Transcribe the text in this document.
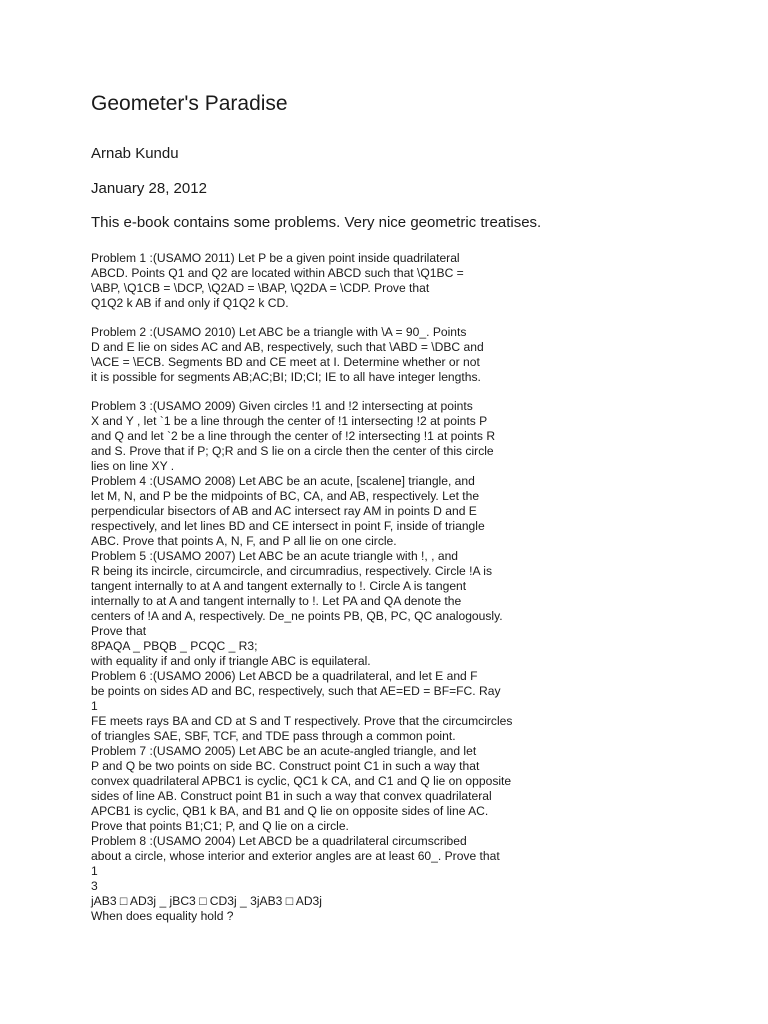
Geometer's Paradise
Arnab Kundu
January 28, 2012
This e-book contains some problems. Very nice geometric treatises.
Problem 1 :(USAMO 2011) Let P be a given point inside quadrilateral
ABCD. Points Q1 and Q2 are located within ABCD such that \Q1BC =
\ABP, \Q1CB = \DCP, \Q2AD = \BAP, \Q2DA = \CDP. Prove that
Q1Q2 k AB if and only if Q1Q2 k CD.
Problem 2 :(USAMO 2010) Let ABC be a triangle with \A = 90_. Points
D and E lie on sides AC and AB, respectively, such that \ABD = \DBC and
\ACE = \ECB. Segments BD and CE meet at I. Determine whether or not
it is possible for segments AB;AC;BI; ID;CI; IE to all have integer lengths.
Problem 3 :(USAMO 2009) Given circles !1 and !2 intersecting at points
X and Y , let `1 be a line through the center of !1 intersecting !2 at points P
and Q and let `2 be a line through the center of !2 intersecting !1 at points R
and S. Prove that if P; Q;R and S lie on a circle then the center of this circle
lies on line XY .
Problem 4 :(USAMO 2008) Let ABC be an acute, [scalene] triangle, and
let M, N, and P be the midpoints of BC, CA, and AB, respectively. Let the
perpendicular bisectors of AB and AC intersect ray AM in points D and E
respectively, and let lines BD and CE intersect in point F, inside of triangle
ABC. Prove that points A, N, F, and P all lie on one circle.
Problem 5 :(USAMO 2007) Let ABC be an acute triangle with !, , and
R being its incircle, circumcircle, and circumradius, respectively. Circle !A is
tangent internally to at A and tangent externally to !. Circle A is tangent
internally to at A and tangent internally to !. Let PA and QA denote the
centers of !A and A, respectively. De_ne points PB, QB, PC, QC analogously.
Prove that
8PAQA _ PBQB _ PCQC _ R3;
with equality if and only if triangle ABC is equilateral.
Problem 6 :(USAMO 2006) Let ABCD be a quadrilateral, and let E and F
be points on sides AD and BC, respectively, such that AE=ED = BF=FC. Ray
1
FE meets rays BA and CD at S and T respectively. Prove that the circumcircles
of triangles SAE, SBF, TCF, and TDE pass through a common point.
Problem 7 :(USAMO 2005) Let ABC be an acute-angled triangle, and let
P and Q be two points on side BC. Construct point C1 in such a way that
convex quadrilateral APBC1 is cyclic, QC1 k CA, and C1 and Q lie on opposite
sides of line AB. Construct point B1 in such a way that convex quadrilateral
APCB1 is cyclic, QB1 k BA, and B1 and Q lie on opposite sides of line AC.
Prove that points B1;C1; P, and Q lie on a circle.
Problem 8 :(USAMO 2004) Let ABCD be a quadrilateral circumscribed
about a circle, whose interior and exterior angles are at least 60_. Prove that
1
3
jAB3 □ AD3j _ jBC3 □ CD3j _ 3jAB3 □ AD3j
When does equality hold ?
